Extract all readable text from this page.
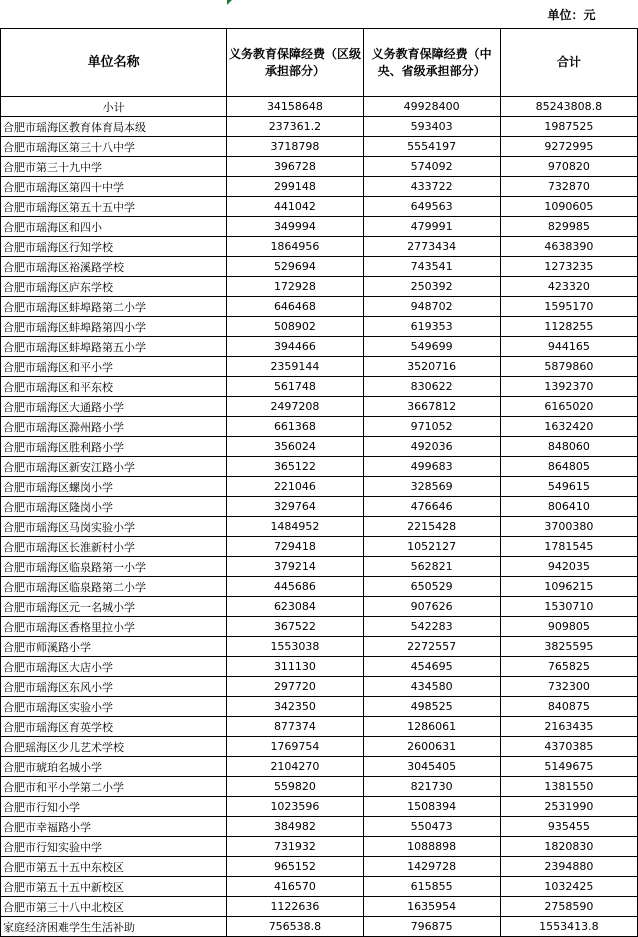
	单位：元	
单位名称	义务教育保障经费（区级承担部分）	义务教育保障经费（中央、省级承担部分）	合计
小计	34158648	49928400	85243808.8
合肥市瑶海区教育体育局本级	237361.2	593403	1987525
合肥市瑶海区第三十八中学	3718798	5554197	9272995
合肥市第三十九中学	396728	574092	970820
合肥市瑶海区第四十中学	299148	433722	732870
合肥市瑶海区第五十五中学	441042	649563	1090605
合肥市瑶海区和四小	349994	479991	829985
合肥市瑶海区行知学校	1864956	2773434	4638390
合肥市瑶海区裕溪路学校	529694	743541	1273235
合肥市瑶海区庐东学校	172928	250392	423320
合肥市瑶海区蚌埠路第二小学	646468	948702	1595170
合肥市瑶海区蚌埠路第四小学	508902	619353	1128255
合肥市瑶海区蚌埠路第五小学	394466	549699	944165
合肥市瑶海区和平小学	2359144	3520716	5879860
合肥市瑶海区和平东校	561748	830622	1392370
合肥市瑶海区大通路小学	2497208	3667812	6165020
合肥市瑶海区滁州路小学	661368	971052	1632420
合肥市瑶海区胜利路小学	356024	492036	848060
合肥市瑶海区新安江路小学	365122	499683	864805
合肥市瑶海区螺岗小学	221046	328569	549615
合肥市瑶海区隆岗小学	329764	476646	806410
合肥市瑶海区马岗实验小学	1484952	2215428	3700380
合肥市瑶海区长淮新村小学	729418	1052127	1781545
合肥市瑶海区临泉路第一小学	379214	562821	942035
合肥市瑶海区临泉路第二小学	445686	650529	1096215
合肥市瑶海区元一名城小学	623084	907626	1530710
合肥市瑶海区香格里拉小学	367522	542283	909805
合肥市师溪路小学	1553038	2272557	3825595
合肥市瑶海区大店小学	311130	454695	765825
合肥市瑶海区东风小学	297720	434580	732300
合肥市瑶海区实验小学	342350	498525	840875
合肥市瑶海区育英学校	877374	1286061	2163435
合肥瑶海区少儿艺术学校	1769754	2600631	4370385
合肥市琥珀名城小学	2104270	3045405	5149675
合肥市和平小学第二小学	559820	821730	1381550
合肥市行知小学	1023596	1508394	2531990
合肥市幸福路小学	384982	550473	935455
合肥市行知实验中学	731932	1088898	1820830
合肥市第五十五中东校区	965152	1429728	2394880
合肥市第五十五中新校区	416570	615855	1032425
合肥市第三十八中北校区	1122636	1635954	2758590
家庭经济困难学生生活补助	756538.8	796875	1553413.8
